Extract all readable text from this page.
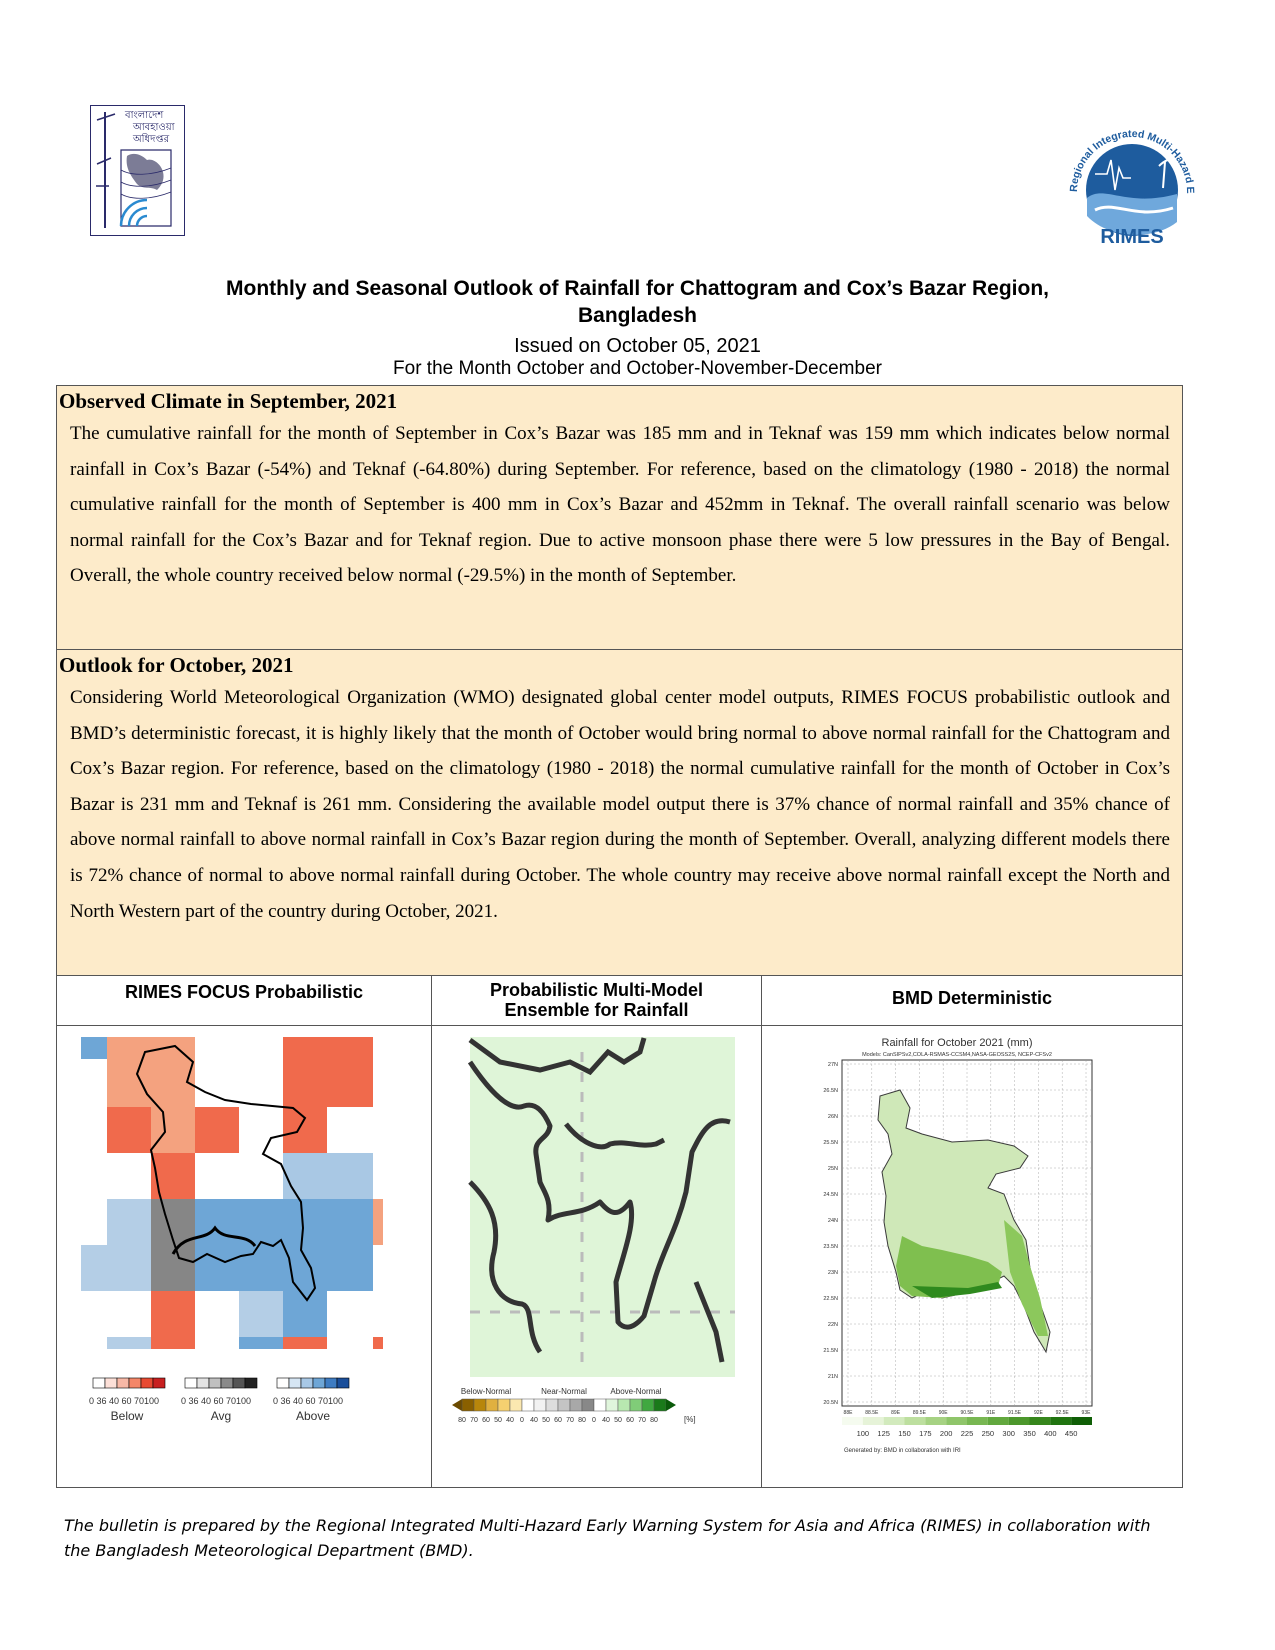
বাংলাদেশ
আবহাওয়া
অধিদপ্তর
Regional Integrated Multi-Hazard E
RIMES
Monthly and Seasonal Outlook of Rainfall for Chattogram and Cox’s Bazar Region,
Bangladesh
Issued on October 05, 2021
For the Month October and October-November-December
Observed Climate in September, 2021

The cumulative rainfall for the month of September in Cox’s Bazar was 185 mm and in Teknaf was 159 mm which indicates below normal rainfall in Cox’s Bazar (-54%) and Teknaf (-64.80%) during September. For reference, based on the climatology (1980 - 2018) the normal cumulative rainfall for the month of September is 400 mm in Cox’s Bazar and 452mm in Teknaf. The overall rainfall scenario was below normal rainfall for the Cox’s Bazar and for Teknaf region. Due to active monsoon phase there were 5 low pressures in the Bay of Bengal. Overall, the whole country received below normal (-29.5%) in the month of September.

Outlook for October, 2021

Considering World Meteorological Organization (WMO) designated global center model outputs, RIMES FOCUS probabilistic outlook and BMD’s deterministic forecast, it is highly likely that the month of October would bring normal to above normal rainfall for the Chattogram and Cox’s Bazar region. For reference, based on the climatology (1980 - 2018) the normal cumulative rainfall for the month of October in Cox’s Bazar is 231 mm and Teknaf is 261 mm. Considering the available model output there is 37% chance of normal rainfall and 35% chance of above normal rainfall to above normal rainfall in Cox’s Bazar region during the month of September. Overall, analyzing different models there is 72% chance of normal to above normal rainfall during October. The whole country may receive above normal rainfall except the North and North Western part of the country during October, 2021.

RIMES FOCUS Probabilistic
0 36 40 60 70100 0 36 40 60 70100 0 36 40 60 70100
Below	Avg	Above
Probabilistic Multi-Model
Ensemble for Rainfall
Below-Normal	Near-Normal	Above-Normal
80 70 60 50 40 0 40 50 60 70 80 0 40 50 60 70 80	[%]
BMD Deterministic
Rainfall for October 2021 (mm)
Models: CanSIPSv2,COLA-RSMAS-CCSM4,NASA-GEOSS2S, NCEP-CFSv2
27N
26.5N
26N
25.5N
25N
24.5N
24N
23.5N
23N
22.5N
22N
21.5N
21N
20.5N
88E	88.5E	89E	89.5E	90E	90.5E	91E	91.5E	92E	92.5E	93E
100 125 150 175 200 225 250 300 350 400 450
Generated by: BMD in collaboration with IRI
The bulletin is prepared by the Regional Integrated Multi-Hazard Early Warning System for Asia and Africa (RIMES) in collaboration with the Bangladesh Meteorological Department (BMD).
